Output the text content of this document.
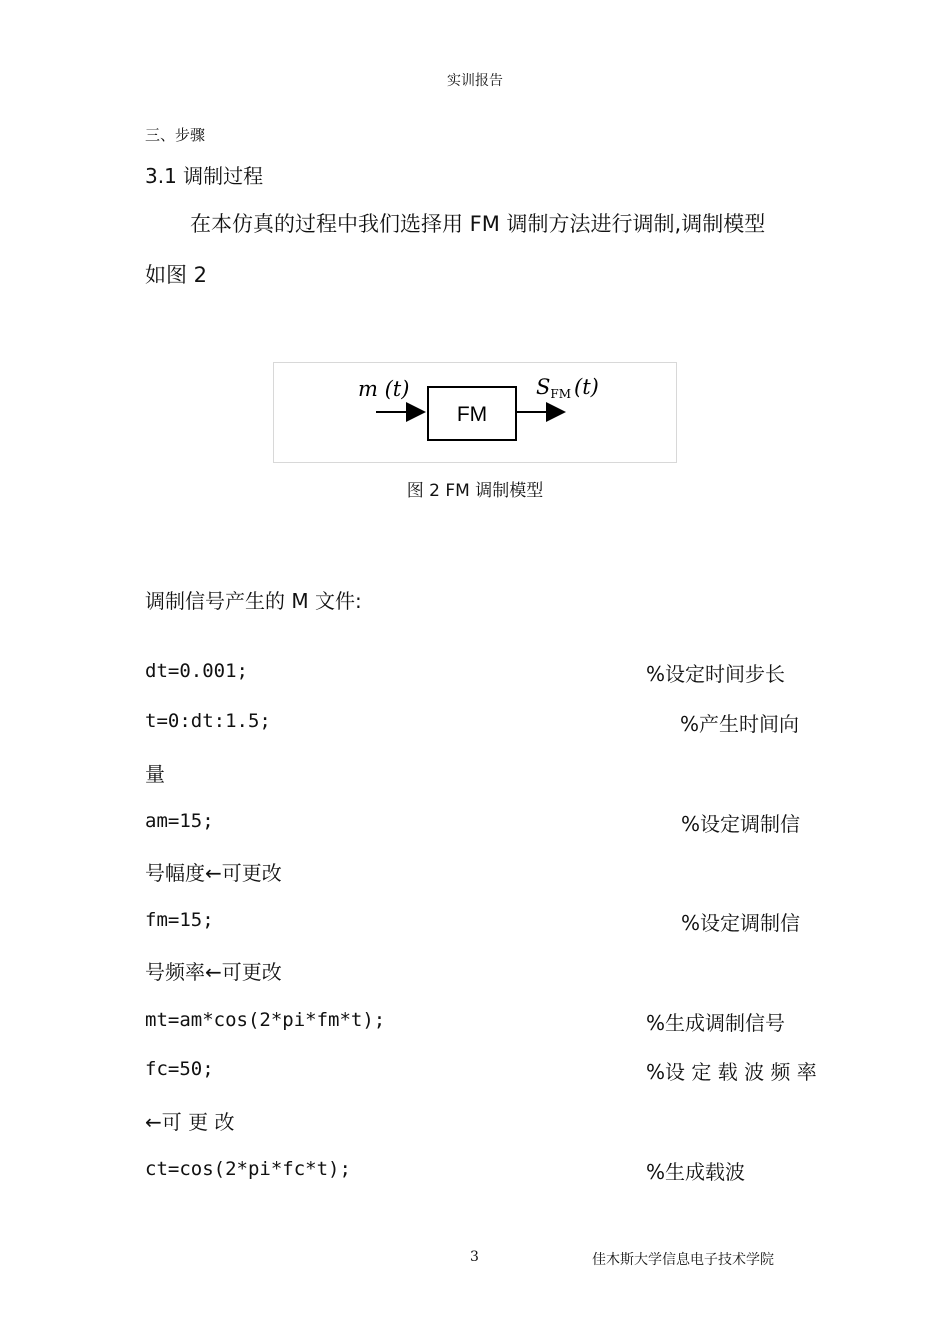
实训报告
三、步骤
3.1 调制过程
在本仿真的过程中我们选择用 FM 调制方法进行调制,调制模型
如图 2
m (t)
FM
SFM (t)
图 2 FM 调制模型
调制信号产生的 M 文件:
dt=0.001;	%设定时间步长
t=0:dt:1.5;	%产生时间向
量
am=15;	%设定调制信
号幅度←可更改
fm=15;	%设定调制信
号频率←可更改
mt=am*cos(2*pi*fm*t);	%生成调制信号
fc=50;	%设 定 载 波 频 率
←可 更 改
ct=cos(2*pi*fc*t);	%生成载波
3	佳木斯大学信息电子技术学院
